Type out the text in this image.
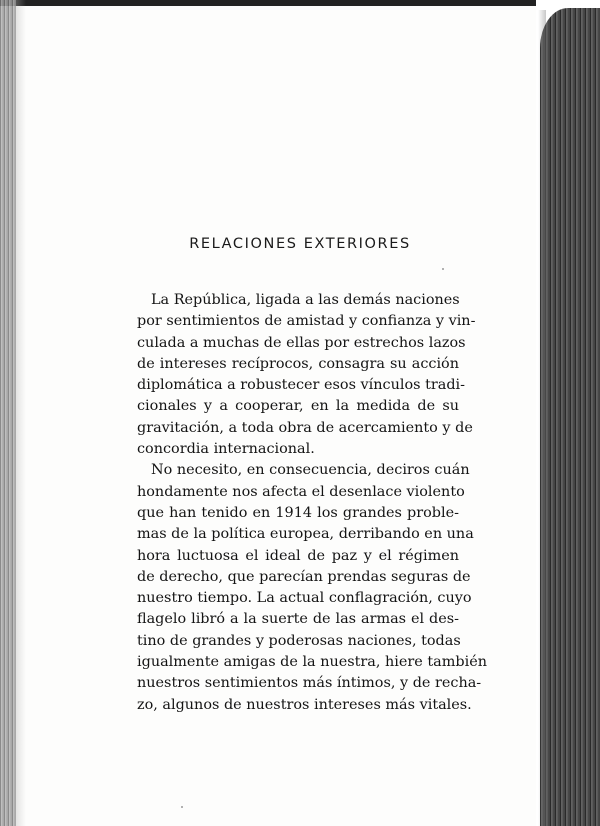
RELACIONES EXTERIORES
La República, ligada a las demás naciones
por sentimientos de amistad y confianza y vin-
culada a muchas de ellas por estrechos lazos
de intereses recíprocos, consagra su acción
diplomática a robustecer esos vínculos tradi-
cionales y a cooperar, en la medida de su
gravitación, a toda obra de acercamiento y de
concordia internacional.
No necesito, en consecuencia, deciros cuán
hondamente nos afecta el desenlace violento
que han tenido en 1914 los grandes proble-
mas de la política europea, derribando en una
hora luctuosa el ideal de paz y el régimen
de derecho, que parecían prendas seguras de
nuestro tiempo. La actual conflagración, cuyo
flagelo libró a la suerte de las armas el des-
tino de grandes y poderosas naciones, todas
igualmente amigas de la nuestra, hiere también
nuestros sentimientos más íntimos, y de recha-
zo, algunos de nuestros intereses más vitales.
